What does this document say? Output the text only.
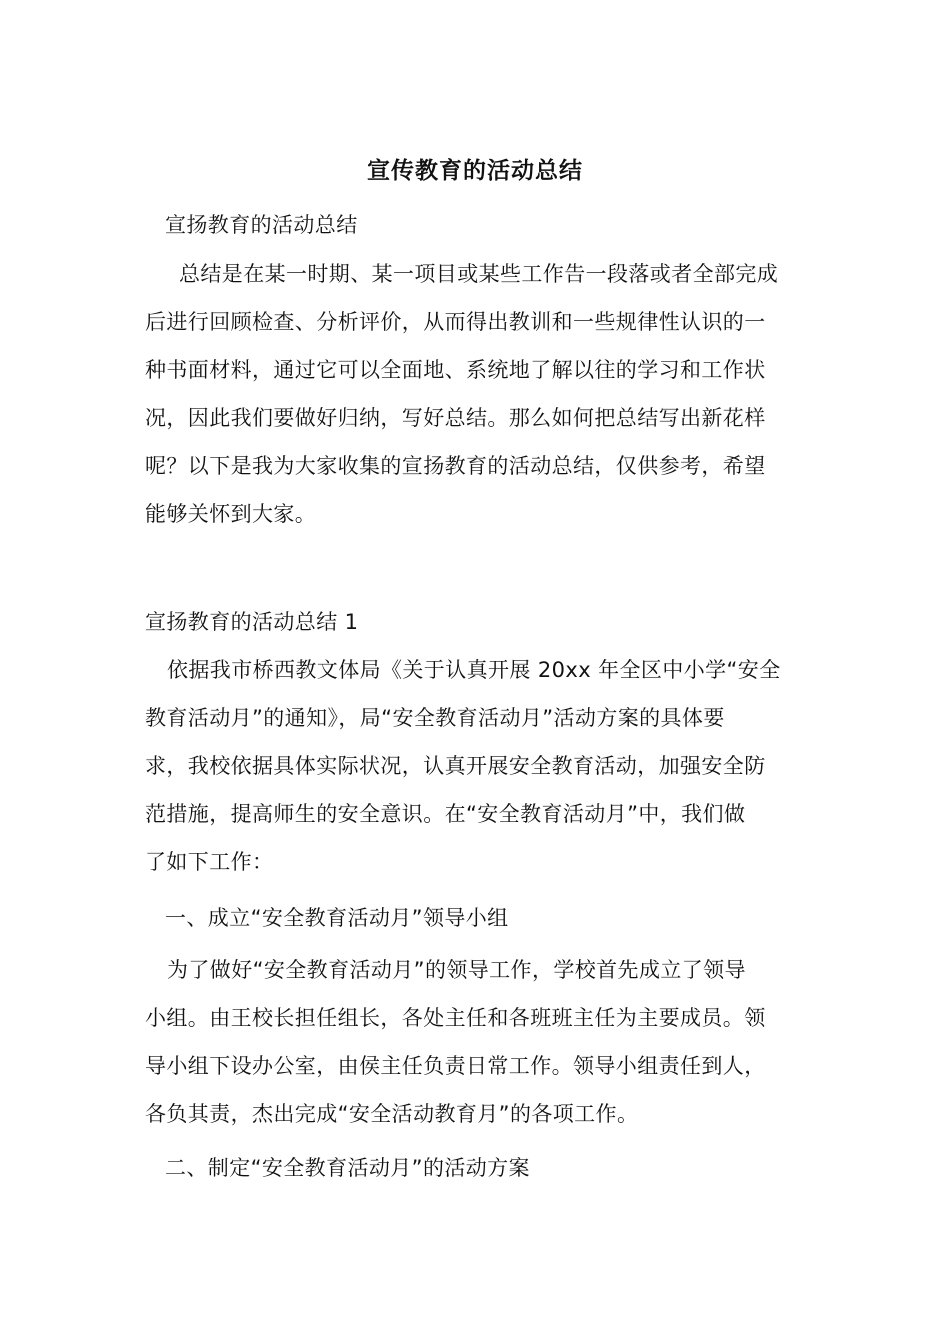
宣传教育的活动总结

宣扬教育的活动总结

总结是在某一时期、某一项目或某些工作告一段落或者全部完成
后进行回顾检查、分析评价，从而得出教训和一些规律性认识的一
种书面材料，通过它可以全面地、系统地了解以往的学习和工作状
况，因此我们要做好归纳，写好总结。那么如何把总结写出新花样
呢？以下是我为大家收集的宣扬教育的活动总结，仅供参考，希望
能够关怀到大家。

宣扬教育的活动总结 1

依据我市桥西教文体局《关于认真开展 20xx 年全区中小学“安全
教育活动月”的通知》，局“安全教育活动月”活动方案的具体要
求，我校依据具体实际状况，认真开展安全教育活动，加强安全防
范措施，提高师生的安全意识。在“安全教育活动月”中，我们做
了如下工作：

一、成立“安全教育活动月”领导小组

为了做好“安全教育活动月”的领导工作，学校首先成立了领导
小组。由王校长担任组长，各处主任和各班班主任为主要成员。领
导小组下设办公室，由侯主任负责日常工作。领导小组责任到人，
各负其责，杰出完成“安全活动教育月”的各项工作。

二、制定“安全教育活动月”的活动方案
